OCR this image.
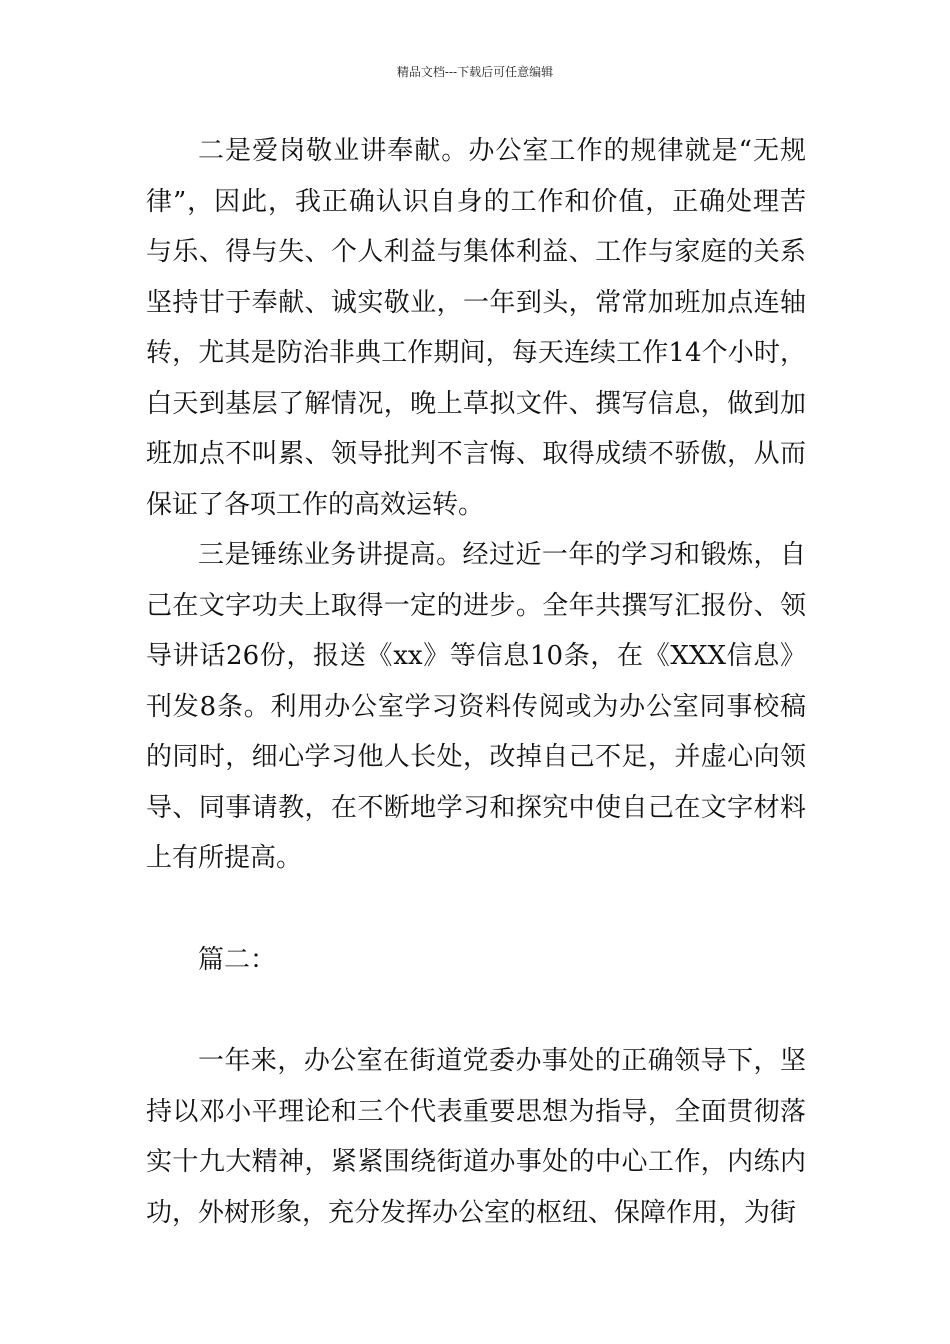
精品文档---下载后可任意编辑

二是爱岗敬业讲奉献。办公室工作的规律就是“无规律”，因此，我正确认识自身的工作和价值，正确处理苦与乐、得与失、个人利益与集体利益、工作与家庭的关系坚持甘于奉献、诚实敬业，一年到头，常常加班加点连轴转，尤其是防治非典工作期间，每天连续工作14个小时，白天到基层了解情况，晚上草拟文件、撰写信息，做到加班加点不叫累、领导批判不言悔、取得成绩不骄傲，从而保证了各项工作的高效运转。

三是锤练业务讲提高。经过近一年的学习和锻炼，自己在文字功夫上取得一定的进步。全年共撰写汇报份、领导讲话26份，报送《xx》等信息10条，在《XXX信息》刊发8条。利用办公室学习资料传阅或为办公室同事校稿的同时，细心学习他人长处，改掉自己不足，并虚心向领导、同事请教，在不断地学习和探究中使自己在文字材料上有所提高。

篇二：

一年来，办公室在街道党委办事处的正确领导下，坚持以邓小平理论和三个代表重要思想为指导，全面贯彻落实十九大精神，紧紧围绕街道办事处的中心工作，内练内功，外树形象，充分发挥办公室的枢纽、保障作用，为街
